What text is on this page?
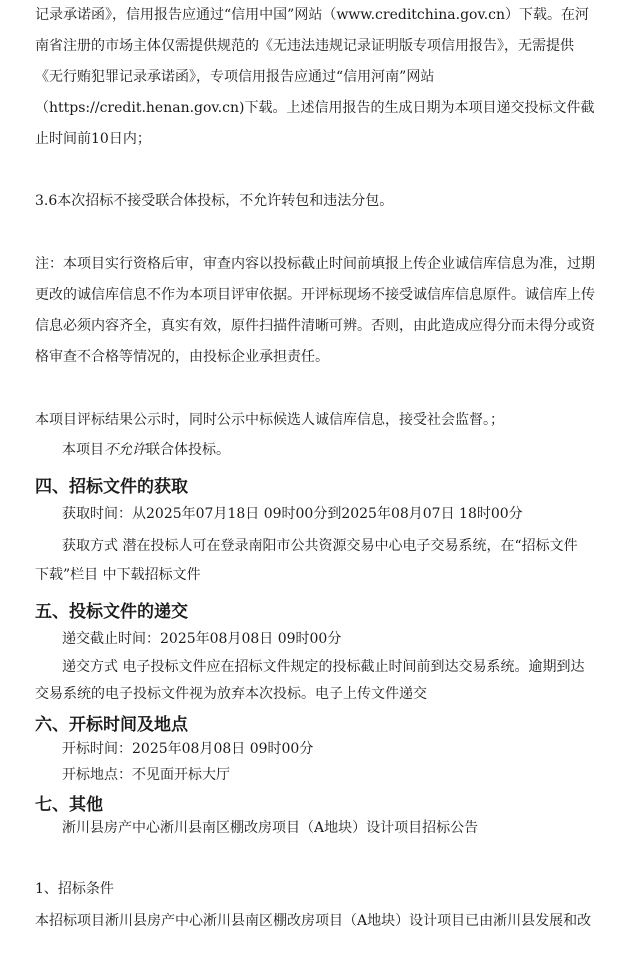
记录承诺函》，信用报告应通过“信用中国”网站（www.creditchina.gov.cn）下载。在河
南省注册的市场主体仅需提供规范的《无违法违规记录证明版专项信用报告》，无需提供
《无行贿犯罪记录承诺函》，专项信用报告应通过“信用河南”网站
（https://credit.henan.gov.cn)下载。上述信用报告的生成日期为本项目递交投标文件截
止时间前10日内；
3.6本次招标不接受联合体投标，不允许转包和违法分包。
注：本项目实行资格后审，审查内容以投标截止时间前填报上传企业诚信库信息为准，过期
更改的诚信库信息不作为本项目评审依据。开评标现场不接受诚信库信息原件。诚信库上传
信息必须内容齐全，真实有效，原件扫描件清晰可辨。否则，由此造成应得分而未得分或资
格审查不合格等情况的，由投标企业承担责任。
本项目评标结果公示时，同时公示中标候选人诚信库信息，接受社会监督。；
本项目不允许联合体投标。
四、招标文件的获取
获取时间：从2025年07月18日 09时00分到2025年08月07日 18时00分
获取方式 潜在投标人可在登录南阳市公共资源交易中心电子交易系统，在“招标文件
下载”栏目 中下载招标文件
五、投标文件的递交
递交截止时间：2025年08月08日 09时00分
递交方式 电子投标文件应在招标文件规定的投标截止时间前到达交易系统。逾期到达
交易系统的电子投标文件视为放弃本次投标。电子上传文件递交
六、开标时间及地点
开标时间：2025年08月08日 09时00分
开标地点：不见面开标大厅
七、其他
淅川县房产中心淅川县南区棚改房项目（A地块）设计项目招标公告
1、招标条件
本招标项目淅川县房产中心淅川县南区棚改房项目（A地块）设计项目已由淅川县发展和改
